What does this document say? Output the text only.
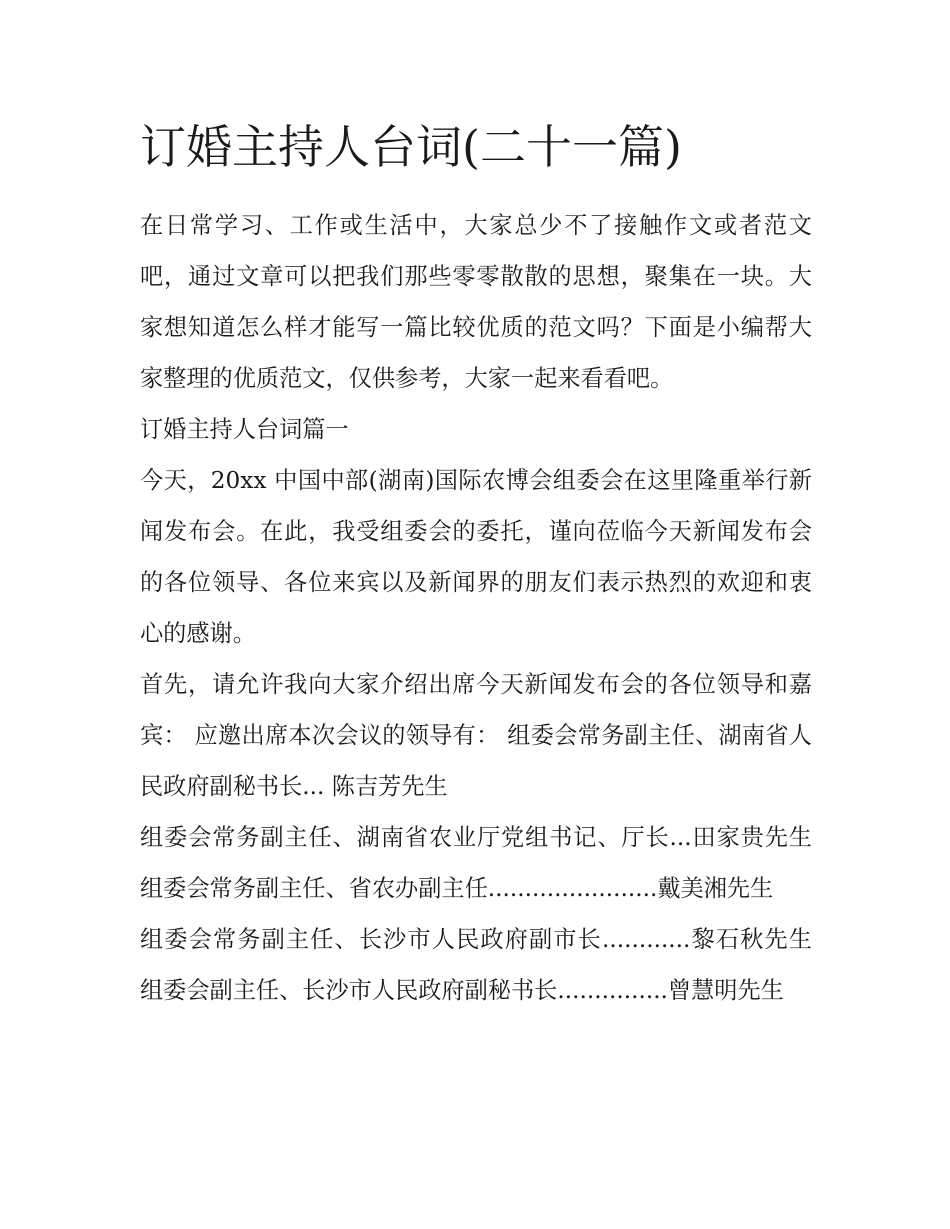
订婚主持人台词(二十一篇)

在日常学习、工作或生活中，大家总少不了接触作文或者范文吧，通过文章可以把我们那些零零散散的思想，聚集在一块。大家想知道怎么样才能写一篇比较优质的范文吗？下面是小编帮大家整理的优质范文，仅供参考，大家一起来看看吧。

订婚主持人台词篇一

今天，20xx 中国中部(湖南)国际农博会组委会在这里隆重举行新闻发布会。在此，我受组委会的委托，谨向莅临今天新闻发布会的各位领导、各位来宾以及新闻界的朋友们表示热烈的欢迎和衷心的感谢。

首先，请允许我向大家介绍出席今天新闻发布会的各位领导和嘉宾： 应邀出席本次会议的领导有： 组委会常务副主任、湖南省人民政府副秘书长... 陈吉芳先生

组委会常务副主任、湖南省农业厅党组书记、厅长...田家贵先生 组委会常务副主任、省农办副主任.......................戴美湘先生

组委会常务副主任、长沙市人民政府副市长............黎石秋先生 组委会副主任、长沙市人民政府副秘书长...............曾慧明先生
